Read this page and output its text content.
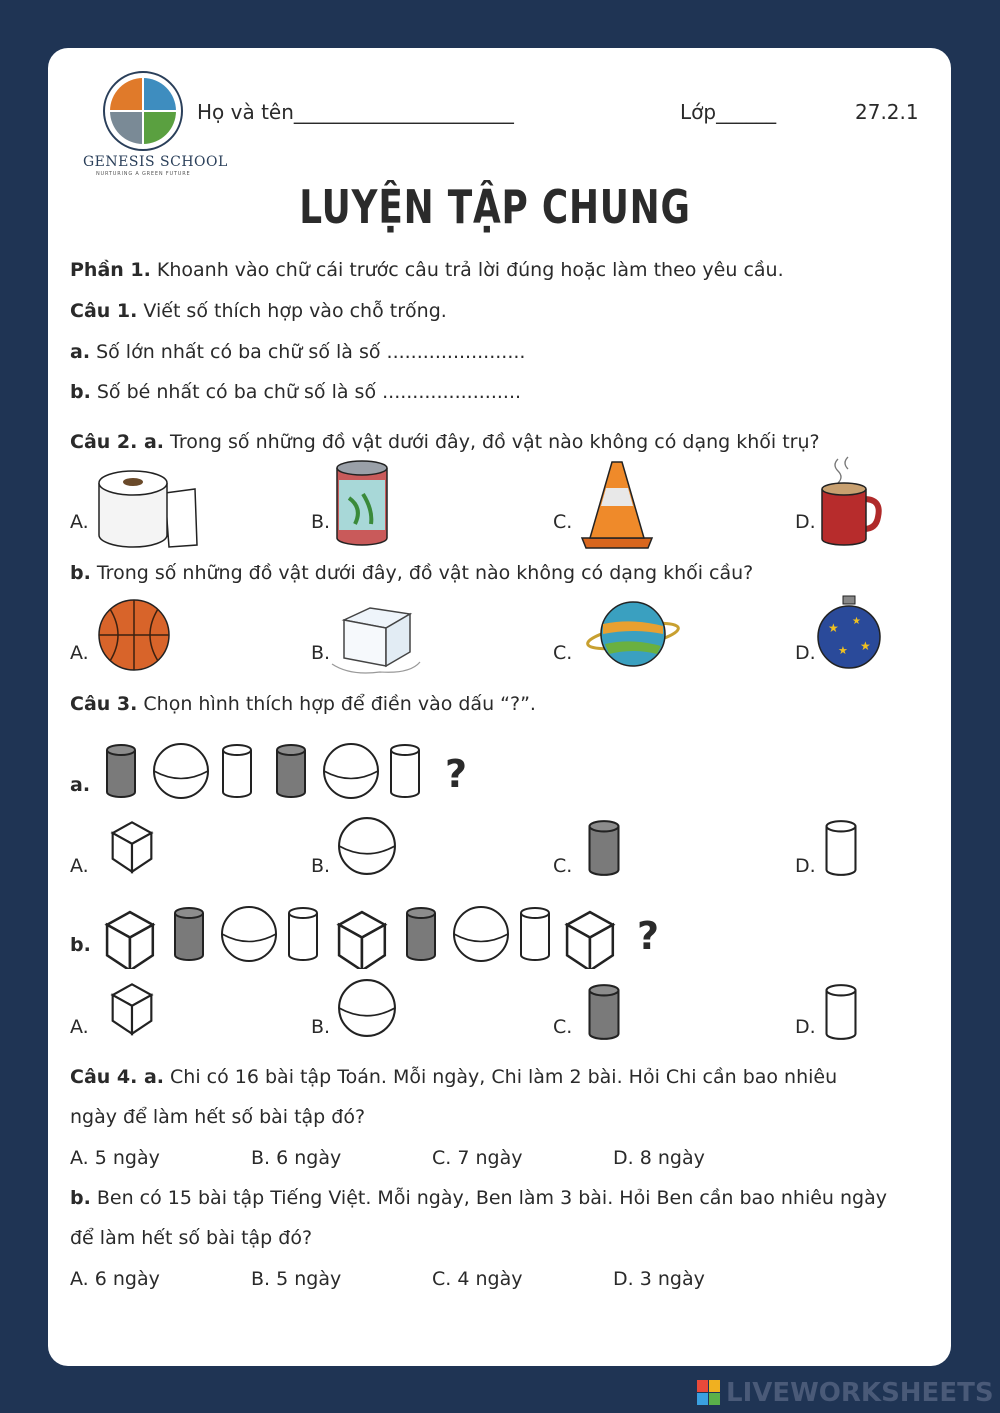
GENESIS SCHOOL
NURTURING A GREEN FUTURE
Họ và tên______________________	Lớp______	27.2.1
LUYỆN TẬP CHUNG
Phần 1. Khoanh vào chữ cái trước câu trả lời đúng hoặc làm theo yêu cầu.
Câu 1. Viết số thích hợp vào chỗ trống.
a. Số lớn nhất có ba chữ số là số .......................
b. Số bé nhất có ba chữ số là số .......................
Câu 2. a. Trong số những đồ vật dưới đây, đồ vật nào không có dạng khối trụ?
A.	B.	C.	D.
b. Trong số những đồ vật dưới đây, đồ vật nào không có dạng khối cầu?
A.	B.	C.	D.
★ ★
★ ★
Câu 3. Chọn hình thích hợp để điền vào dấu “?”.
a.	?
A.	B.	C.	D.
b.	?
A.	B.	C.	D.
Câu 4. a. Chi có 16 bài tập Toán. Mỗi ngày, Chi làm 2 bài. Hỏi Chi cần bao nhiêu
ngày để làm hết số bài tập đó?
A. 5 ngày	B. 6 ngày	C. 7 ngày	D. 8 ngày
b. Ben có 15 bài tập Tiếng Việt. Mỗi ngày, Ben làm 3 bài. Hỏi Ben cần bao nhiêu ngày
để làm hết số bài tập đó?
A. 6 ngày	B. 5 ngày	C. 4 ngày	D. 3 ngày
LIVEWORKSHEETS
